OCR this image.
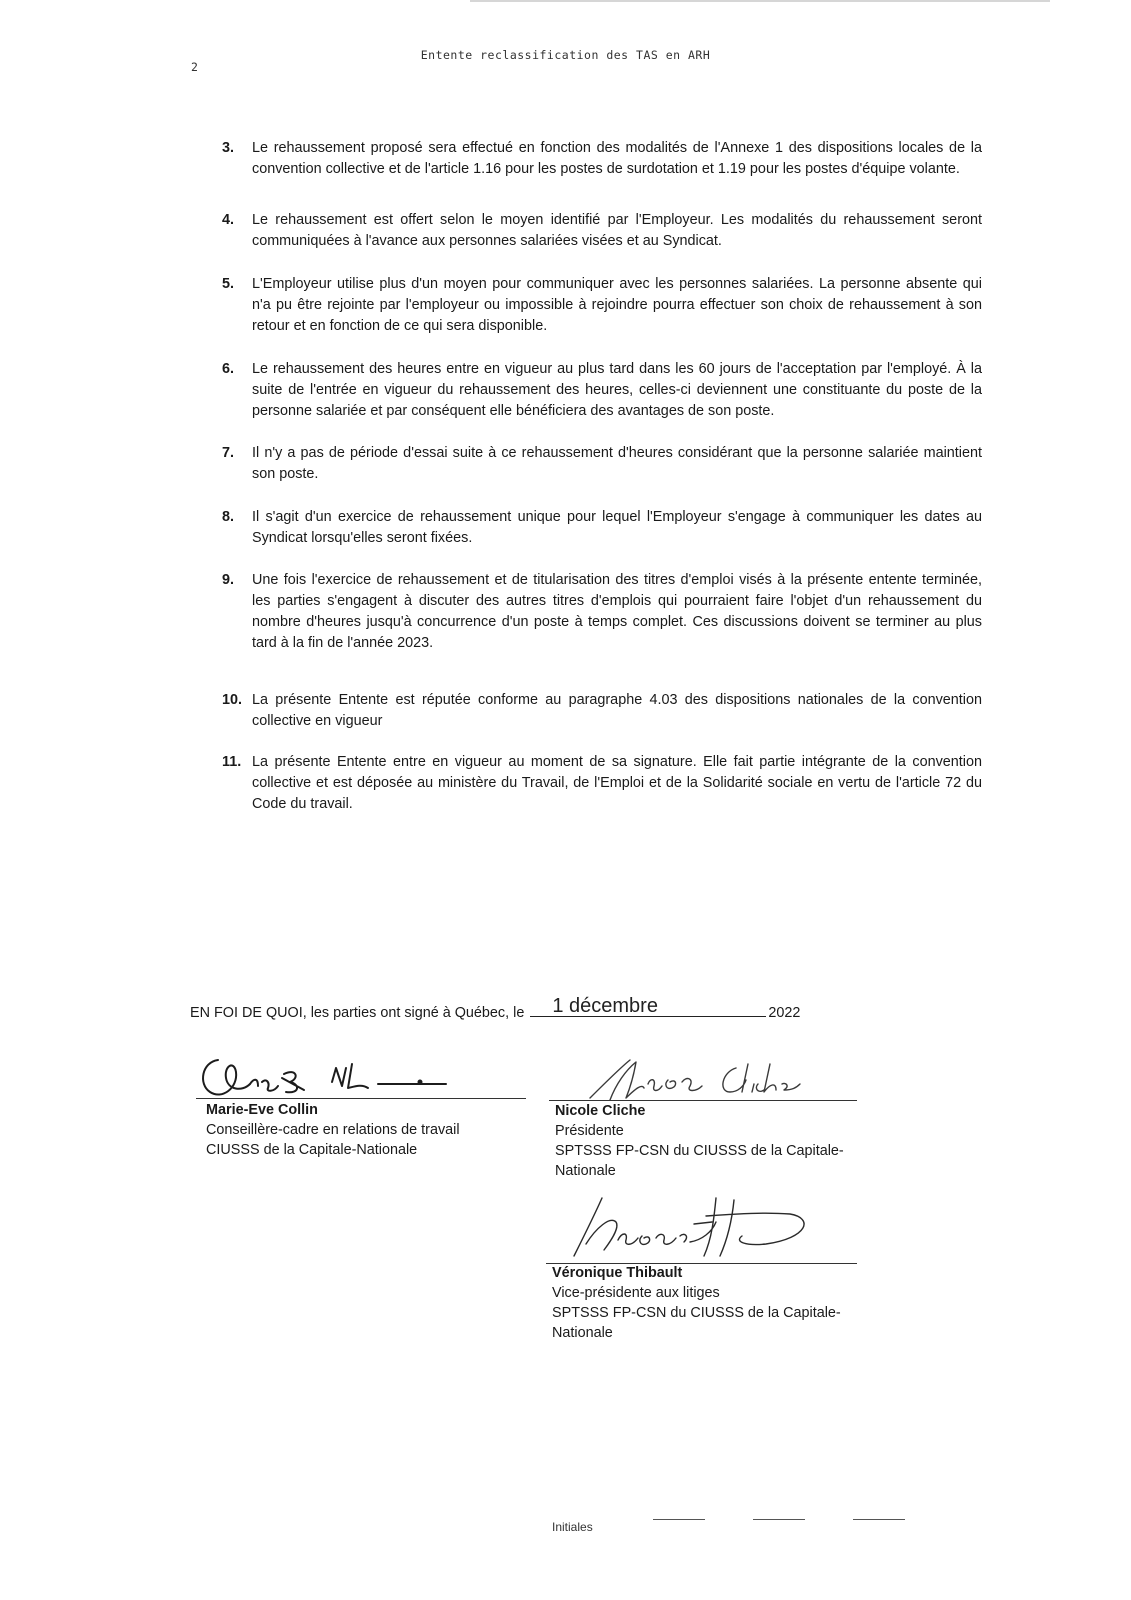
Entente reclassification des TAS en ARH
2
3. Le rehaussement proposé sera effectué en fonction des modalités de l'Annexe 1 des dispositions locales de la convention collective et de l'article 1.16 pour les postes de surdotation et 1.19 pour les postes d'équipe volante.
4. Le rehaussement est offert selon le moyen identifié par l'Employeur. Les modalités du rehaussement seront communiquées à l'avance aux personnes salariées visées et au Syndicat.
5. L'Employeur utilise plus d'un moyen pour communiquer avec les personnes salariées. La personne absente qui n'a pu être rejointe par l'employeur ou impossible à rejoindre pourra effectuer son choix de rehaussement à son retour et en fonction de ce qui sera disponible.
6. Le rehaussement des heures entre en vigueur au plus tard dans les 60 jours de l'acceptation par l'employé. À la suite de l'entrée en vigueur du rehaussement des heures, celles-ci deviennent une constituante du poste de la personne salariée et par conséquent elle bénéficiera des avantages de son poste.
7. Il n'y a pas de période d'essai suite à ce rehaussement d'heures considérant que la personne salariée maintient son poste.
8. Il s'agit d'un exercice de rehaussement unique pour lequel l'Employeur s'engage à communiquer les dates au Syndicat lorsqu'elles seront fixées.
9. Une fois l'exercice de rehaussement et de titularisation des titres d'emploi visés à la présente entente terminée, les parties s'engagent à discuter des autres titres d'emplois qui pourraient faire l'objet d'un rehaussement du nombre d'heures jusqu'à concurrence d'un poste à temps complet. Ces discussions doivent se terminer au plus tard à la fin de l'année 2023.
10. La présente Entente est réputée conforme au paragraphe 4.03 des dispositions nationales de la convention collective en vigueur
11. La présente Entente entre en vigueur au moment de sa signature. Elle fait partie intégrante de la convention collective et est déposée au ministère du Travail, de l'Emploi et de la Solidarité sociale en vertu de l'article 72 du Code du travail.
EN FOI DE QUOI, les parties ont signé à Québec, le 1 décembre	2022
Marie-Eve Collin
Conseillère-cadre en relations de travail
CIUSSS de la Capitale-Nationale
Nicole Cliche
Présidente
SPTSSS FP-CSN du CIUSSS de la Capitale-Nationale
Véronique Thibault
Vice-présidente aux litiges
SPTSSS FP-CSN du CIUSSS de la Capitale-Nationale
Initiales
